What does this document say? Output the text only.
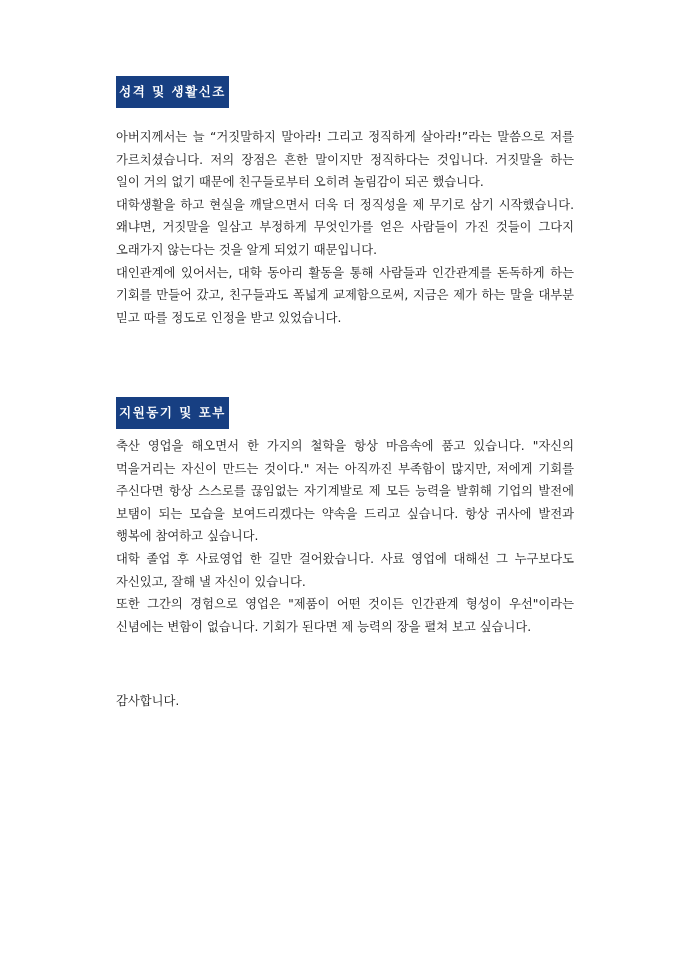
성격 및 생활신조

아버지께서는 늘 “거짓말하지 말아라! 그리고 정직하게 살아라!”라는 말씀으로 저를 가르치셨습니다. 저의 장점은 흔한 말이지만 정직하다는 것입니다. 거짓말을 하는 일이 거의 없기 때문에 친구들로부터 오히려 놀림감이 되곤 했습니다.

대학생활을 하고 현실을 깨달으면서 더욱 더 정직성을 제 무기로 삼기 시작했습니다. 왜냐면, 거짓말을 일삼고 부정하게 무엇인가를 얻은 사람들이 가진 것들이 그다지 오래가지 않는다는 것을 알게 되었기 때문입니다.

대인관계에 있어서는, 대학 동아리 활동을 통해 사람들과 인간관계를 돈독하게 하는 기회를 만들어 갔고, 친구들과도 폭넓게 교제함으로써, 지금은 제가 하는 말을 대부분 믿고 따를 정도로 인정을 받고 있었습니다.

지원동기 및 포부

축산 영업을 해오면서 한 가지의 철학을 항상 마음속에 품고 있습니다. "자신의 먹을거리는 자신이 만드는 것이다." 저는 아직까진 부족함이 많지만, 저에게 기회를 주신다면 항상 스스로를 끊임없는 자기계발로 제 모든 능력을 발휘해 기업의 발전에 보탬이 되는 모습을 보여드리겠다는 약속을 드리고 싶습니다. 항상 귀사에 발전과 행복에 참여하고 싶습니다.

대학 졸업 후 사료영업 한 길만 걸어왔습니다. 사료 영업에 대해선 그 누구보다도 자신있고, 잘해 낼 자신이 있습니다.

또한 그간의 경험으로 영업은 "제품이 어떤 것이든 인간관계 형성이 우선"이라는 신념에는 변함이 없습니다. 기회가 된다면 제 능력의 장을 펼쳐 보고 싶습니다.

감사합니다.
